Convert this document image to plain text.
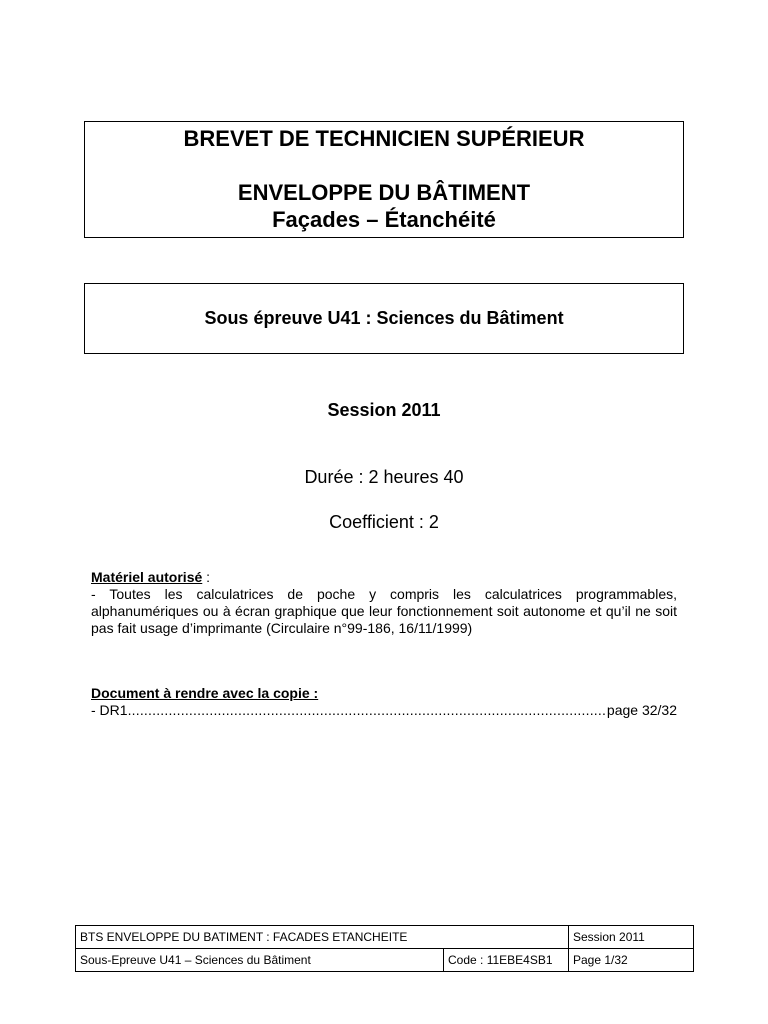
BREVET DE TECHNICIEN SUPÉRIEUR
ENVELOPPE DU BÂTIMENT
Façades – Étanchéité
Sous épreuve U41 : Sciences du Bâtiment
Session 2011
Durée : 2 heures 40
Coefficient : 2
Matériel autorisé :
- Toutes les calculatrices de poche y compris les calculatrices programmables, alphanumériques ou à écran graphique que leur fonctionnement soit autonome et qu’il ne soit pas fait usage d’imprimante (Circulaire n°99-186, 16/11/1999)
Document à rendre avec la copie :
- DR1 .....	page 32/32
BTS ENVELOPPE DU BATIMENT : FACADES ETANCHEITE		Session 2011
Sous-Epreuve U41 – Sciences du Bâtiment	Code : 11EBE4SB1	Page 1/32
